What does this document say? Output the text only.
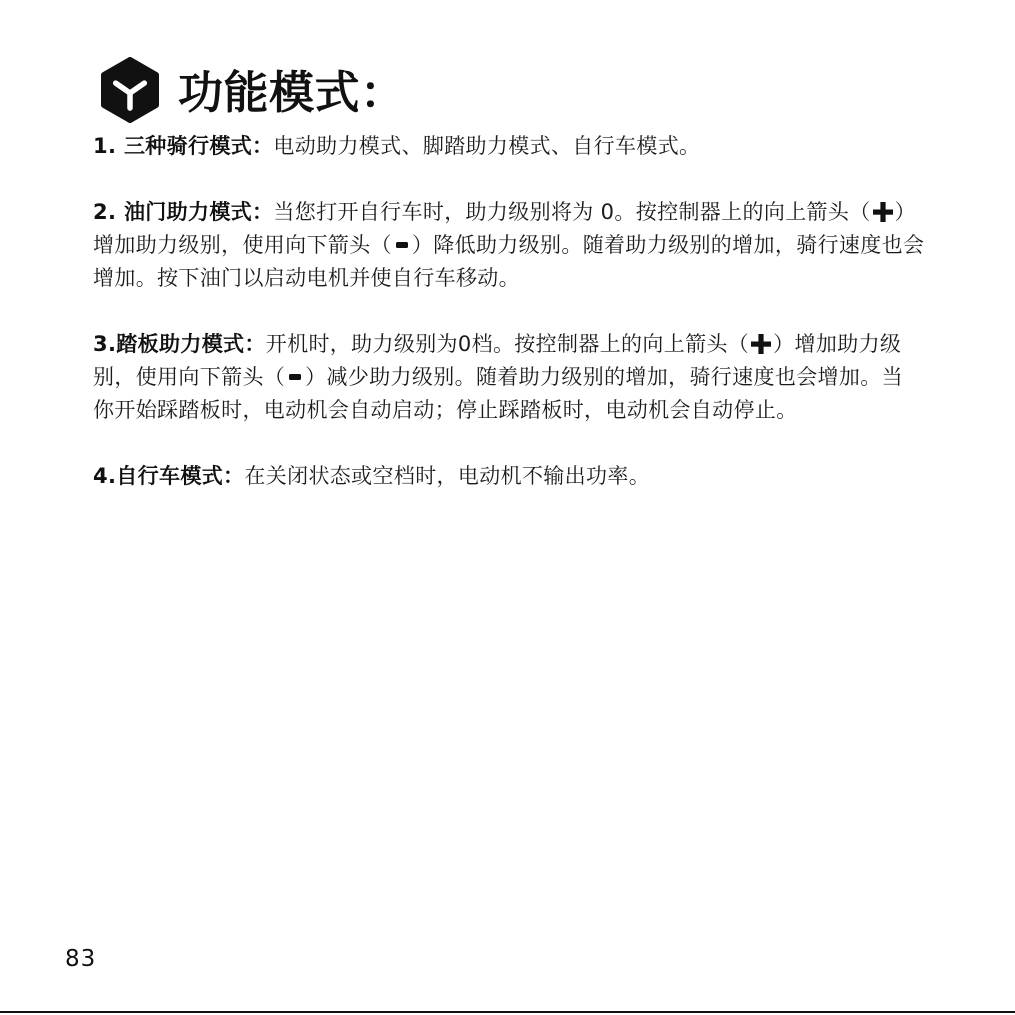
功能模式：
1. 三种骑行模式：电动助力模式、脚踏助力模式、自行车模式。
2. 油门助力模式：当您打开自行车时，助力级别将为 0。按控制器上的向上箭头（ ）
增加助力级别，使用向下箭头（ ）降低助力级别。随着助力级别的增加，骑行速度也会
增加。按下油门以启动电机并使自行车移动。
3.踏板助力模式：开机时，助力级别为0档。按控制器上的向上箭头（ ）增加助力级
别，使用向下箭头（ ）减少助力级别。随着助力级别的增加，骑行速度也会增加。当
你开始踩踏板时，电动机会自动启动；停止踩踏板时，电动机会自动停止。
4.自行车模式：在关闭状态或空档时，电动机不输出功率。
83
